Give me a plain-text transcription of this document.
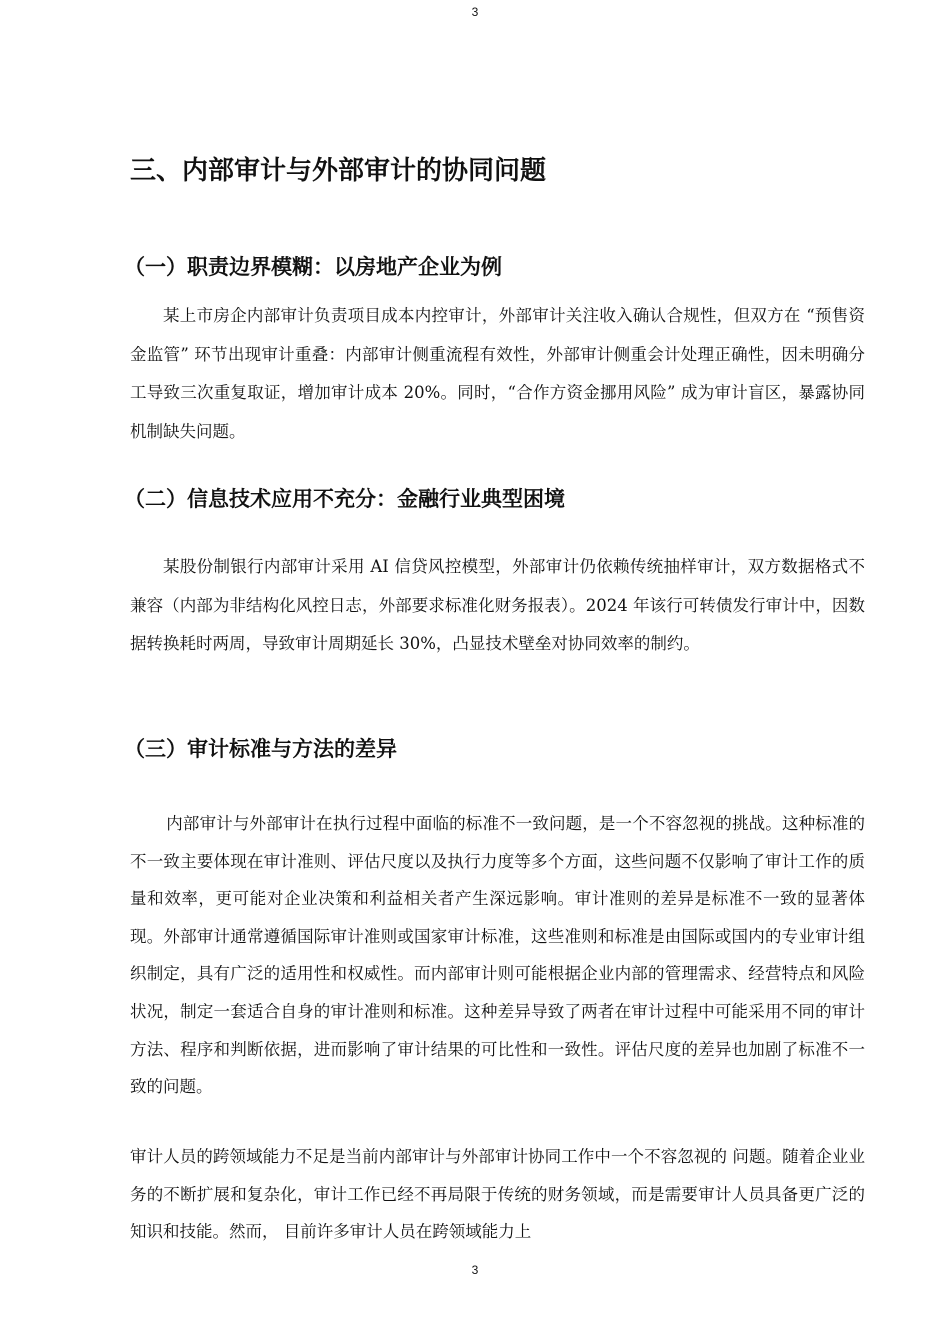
3
三、内部审计与外部审计的协同问题
（一）职责边界模糊：以房地产企业为例

某上市房企内部审计负责项目成本内控审计，外部审计关注收入确认合规性，但双方在 “预售资金监管” 环节出现审计重叠：内部审计侧重流程有效性，外部审计侧重会计处理正确性，因未明确分工导致三次重复取证，增加审计成本 20%。同时，“合作方资金挪用风险” 成为审计盲区，暴露协同机制缺失问题。

（二）信息技术应用不充分：金融行业典型困境

某股份制银行内部审计采用 AI 信贷风控模型，外部审计仍依赖传统抽样审计，双方数据格式不兼容（内部为非结构化风控日志，外部要求标准化财务报表）。2024 年该行可转债发行审计中，因数据转换耗时两周，导致审计周期延长 30%，凸显技术壁垒对协同效率的制约。

（三）审计标准与方法的差异

内部审计与外部审计在执行过程中面临的标准不一致问题，是一个不容忽视的挑战。这种标准的不一致主要体现在审计准则、评估尺度以及执行力度等多个方面，这些问题不仅影响了审计工作的质量和效率，更可能对企业决策和利益相关者产生深远影响。审计准则的差异是标准不一致的显著体现。外部审计通常遵循国际审计准则或国家审计标准，这些准则和标准是由国际或国内的专业审计组织制定，具有广泛的适用性和权威性。而内部审计则可能根据企业内部的管理需求、经营特点和风险状况，制定一套适合自身的审计准则和标准。这种差异导致了两者在审计过程中可能采用不同的审计方法、程序和判断依据，进而影响了审计结果的可比性和一致性。评估尺度的差异也加剧了标准不一致的问题。

审计人员的跨领域能力不足是当前内部审计与外部审计协同工作中一个不容忽视的 问题。随着企业业务的不断扩展和复杂化，审计工作已经不再局限于传统的财务领域，而是需要审计人员具备更广泛的知识和技能。然而， 目前许多审计人员在跨领域能力上

3
